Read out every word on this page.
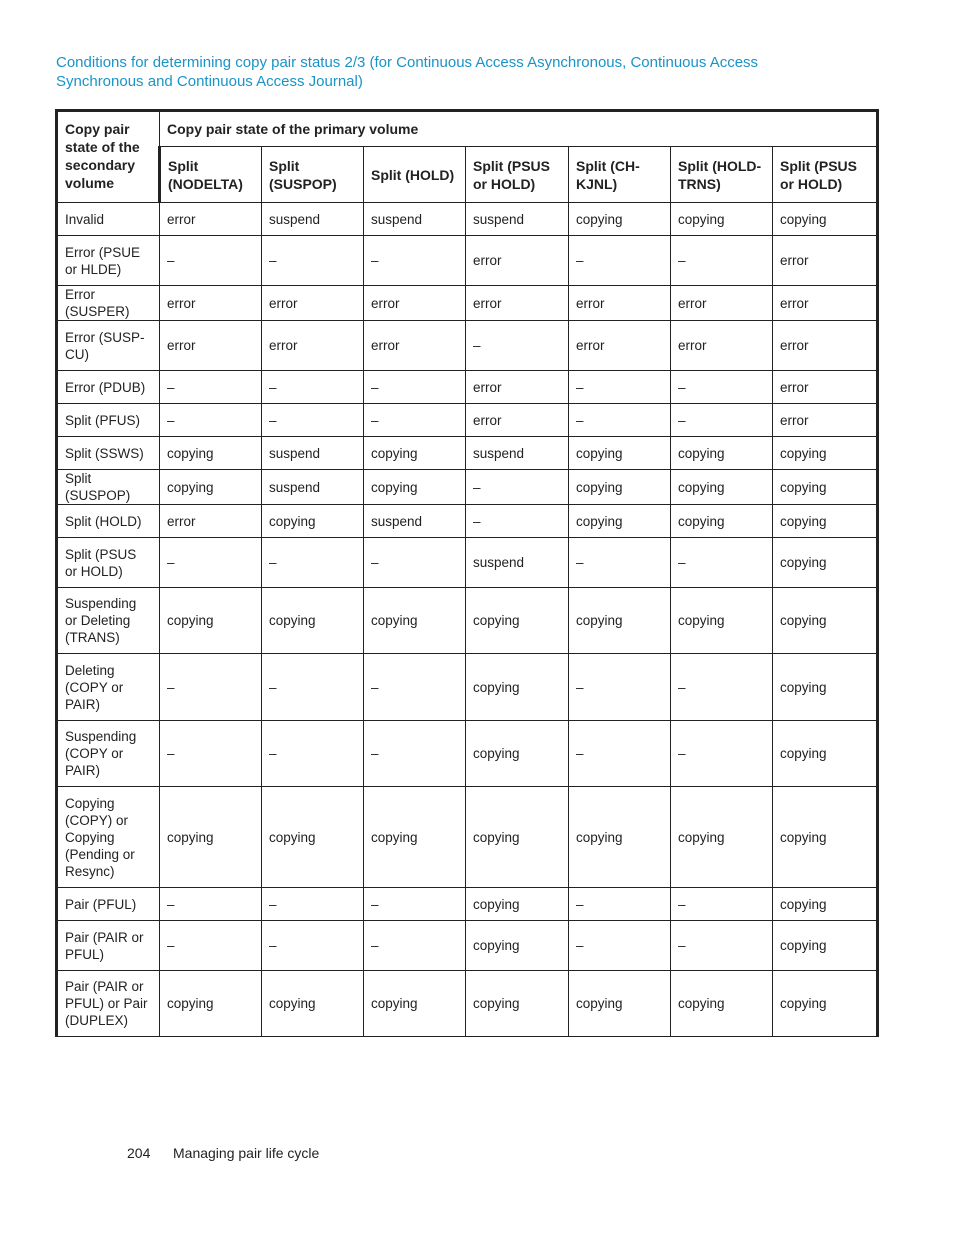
Conditions for determining copy pair status 2/3 (for Continuous Access Asynchronous, Continuous Access Synchronous and Continuous Access Journal)
Copy pair state of the secondary volume	Copy pair state of the primary volume						
	Split (NODELTA)	Split (SUSPOP)	Split (HOLD)	Split (PSUS or HOLD)	Split (CH-KJNL)	Split (HOLD-TRNS)	Split (PSUS or HOLD)
Invalid	error	suspend	suspend	suspend	copying	copying	copying
Error (PSUE or HLDE)	–	–	–	error	–	–	error
Error (SUSPER)	error	error	error	error	error	error	error
Error (SUSP-CU)	error	error	error	–	error	error	error
Error (PDUB)	–	–	–	error	–	–	error
Split (PFUS)	–	–	–	error	–	–	error
Split (SSWS)	copying	suspend	copying	suspend	copying	copying	copying
Split (SUSPOP)	copying	suspend	copying	–	copying	copying	copying
Split (HOLD)	error	copying	suspend	–	copying	copying	copying
Split (PSUS or HOLD)	–	–	–	suspend	–	–	copying
Suspending or Deleting (TRANS)	copying	copying	copying	copying	copying	copying	copying
Deleting (COPY or PAIR)	–	–	–	copying	–	–	copying
Suspending (COPY or PAIR)	–	–	–	copying	–	–	copying
Copying (COPY) or Copying (Pending or Resync)	copying	copying	copying	copying	copying	copying	copying
Pair (PFUL)	–	–	–	copying	–	–	copying
Pair (PAIR or PFUL)	–	–	–	copying	–	–	copying
Pair (PAIR or PFUL) or Pair (DUPLEX)	copying	copying	copying	copying	copying	copying	copying
204 Managing pair life cycle
